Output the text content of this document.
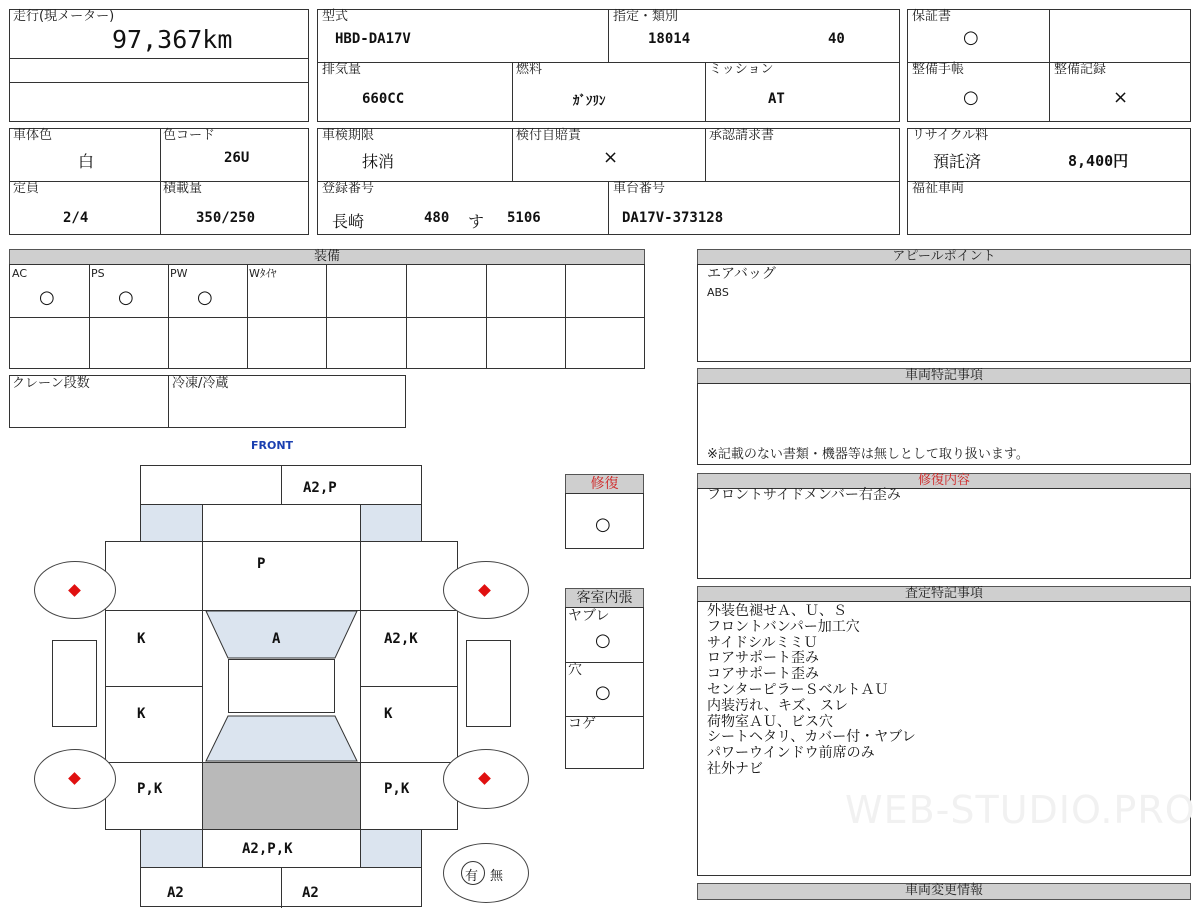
走行(現メーター)
97,367km
型式
HBD-DA17V
指定・類別
18014	40
排気量
660CC
燃料
ｶﾞｿﾘﾝ
ミッション
AT
保証書
○
整備手帳
○
整備記録
×
車体色
白
色コード
26U
定員
2/4
積載量
350/250
車検期限
抹消
検付自賠責
×
承認請求書
登録番号
長崎	480 す 5106
車台番号
DA17V-373128
リサイクル料
預託済	8,400円
福祉車両
装備
AC
○
PS
○
PW
○
Wﾀｲﾔ
クレーン段数	冷凍/冷蔵
アピールポイント
エアバッグ
ABS
車両特記事項
※記載のない書類・機器等は無しとして取り扱います。
修復内容
フロントサイドメンバー右歪み
査定特記事項
外装色褪せＡ、Ｕ、Ｓ
フロントバンパー加工穴
サイドシルミミＵ
ロアサポート歪み
コアサポート歪み
センターピラーＳベルトＡＵ
内装汚れ、キズ、スレ
荷物室ＡＵ、ビス穴
シートヘタリ、カバー付・ヤブレ
パワーウインドウ前席のみ
社外ナビ
WEB-STUDIO.PRO
車両変更情報
修復
○
客室内張
ヤブレ
○
穴
○
コゲ
FRONT
A2,P
P
A
K	A2,K
K	K
P,K	P,K
A2,P,K
A2	A2
有 無
